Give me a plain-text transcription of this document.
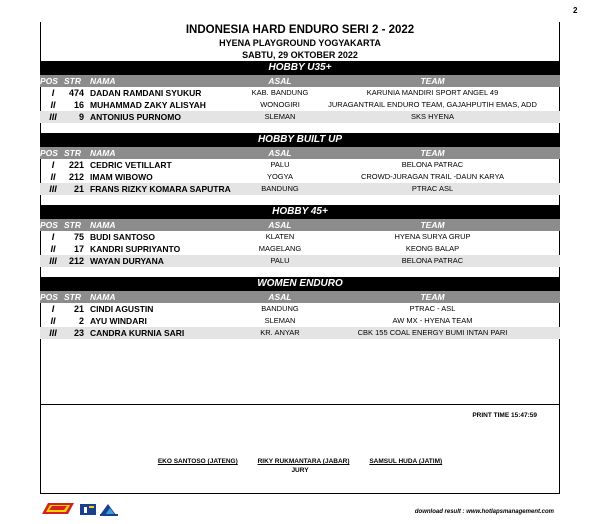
2
INDONESIA HARD ENDURO SERI 2 - 2022
HYENA PLAYGROUND YOGYAKARTA
SABTU, 29 OKTOBER 2022
HOBBY U35+
POS STR	NAMA	ASAL	TEAM
I	474 DADAN RAMDANI SYUKUR	KAB. BANDUNG	KARUNIA MANDIRI SPORT ANGEL 49
II	16 MUHAMMAD ZAKY ALISYAH	WONOGIRI	JURAGANTRAIL ENDURO TEAM, GAJAHPUTIH EMAS, ADD
III	9 ANTONIUS PURNOMO	SLEMAN	SKS HYENA
HOBBY BUILT UP
POS STR	NAMA	ASAL	TEAM
I	221 CEDRIC VETILLART	PALU	BELONA PATRAC
II	212 IMAM WIBOWO	YOGYA	CROWD-JURAGAN TRAIL -DAUN KARYA
III	21 FRANS RIZKY KOMARA SAPUTRA	BANDUNG	PTRAC ASL
HOBBY 45+
POS STR	NAMA	ASAL	TEAM
I	75 BUDI SANTOSO	KLATEN	HYENA SURYA GRUP
II	17 KANDRI SUPRIYANTO	MAGELANG	KEONG BALAP
III	212 WAYAN DURYANA	PALU	BELONA PATRAC
WOMEN ENDURO
POS STR	NAMA	ASAL	TEAM
I	21 CINDI AGUSTIN	BANDUNG	PTRAC - ASL
II	2 AYU WINDARI	SLEMAN	AW MX - HYENA TEAM
III	23 CANDRA KURNIA SARI	KR. ANYAR	CBK 155 COAL ENERGY BUMI INTAN PARI
PRINT TIME 15:47:59
EKO SANTOSO (JATENG)	RIKY RUKMANTARA (JABAR)	SAMSUL HUDA (JATIM)
JURY
download result : www.hotlapsmanagement.com
